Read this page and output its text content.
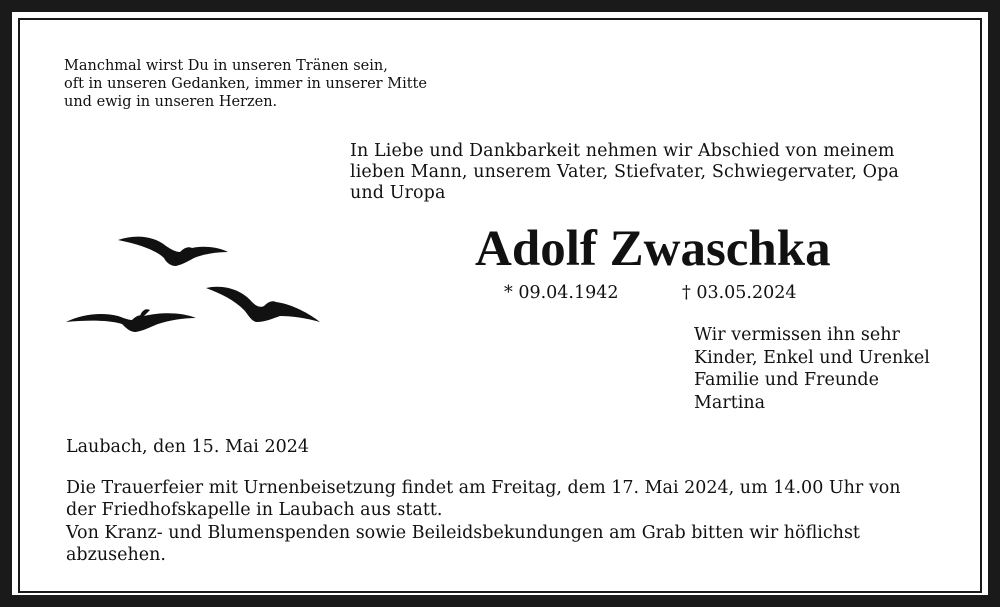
Manchmal wirst Du in unseren Tränen sein,
oft in unseren Gedanken, immer in unserer Mitte
und ewig in unseren Herzen.
In Liebe und Dankbarkeit nehmen wir Abschied von meinem
lieben Mann, unserem Vater, Stiefvater, Schwiegervater, Opa
und Uropa
Adolf Zwaschka
* 09.04.1942	† 03.05.2024
Wir vermissen ihn sehr
Kinder, Enkel und Urenkel
Familie und Freunde
Martina
Laubach, den 15. Mai 2024
Die Trauerfeier mit Urnenbeisetzung findet am Freitag, dem 17. Mai 2024, um 14.00 Uhr von
der Friedhofskapelle in Laubach aus statt.
Von Kranz- und Blumenspenden sowie Beileidsbekundungen am Grab bitten wir höflichst
abzusehen.
